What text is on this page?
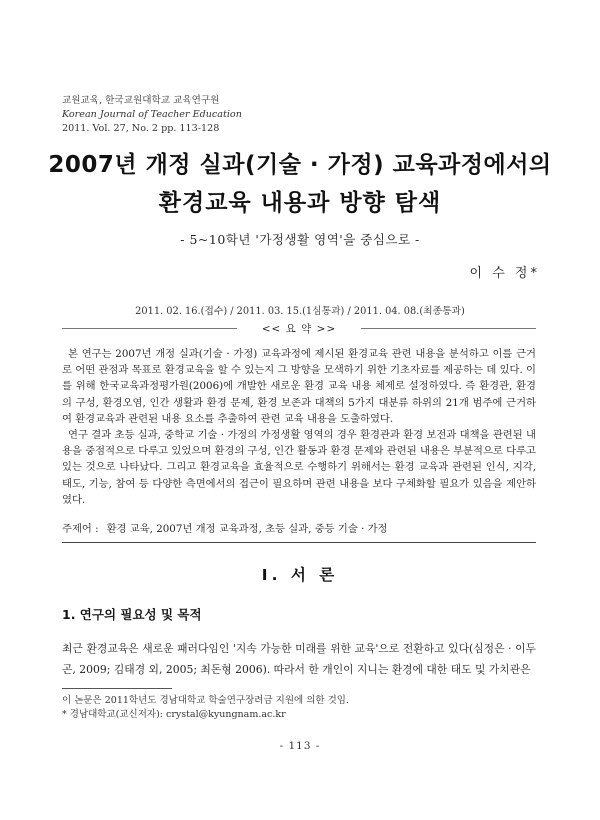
교원교육, 한국교원대학교 교육연구원
Korean Journal of Teacher Education
2011. Vol. 27, No. 2 pp. 113-128
2007년 개정 실과(기술 · 가정) 교육과정에서의
환경교육 내용과 방향 탐색
- 5~10학년 '가정생활 영역'을 중심으로 -
이 수 정*
2011. 02. 16.(접수) / 2011. 03. 15.(1심통과) / 2011. 04. 08.(최종통과)
<< 요 약 >>

본 연구는 2007년 개정 실과(기술 · 가정) 교육과정에 제시된 환경교육 관련 내용을 분석하고 이를 근거로 어떤 관점과 목표로 환경교육을 할 수 있는지 그 방향을 모색하기 위한 기초자료를 제공하는 데 있다. 이를 위해 한국교육과정평가원(2006)에 개발한 새로운 환경 교육 내용 체제로 설정하였다. 즉 환경관, 환경의 구성, 환경오염, 인간 생활과 환경 문제, 환경 보존과 대책의 5가지 대분류 하위의 21개 범주에 근거하여 환경교육과 관련된 내용 요소를 추출하여 관련 교육 내용을 도출하였다.

연구 결과 초등 실과, 중학교 기술 · 가정의 가정생활 영역의 경우 환경관과 환경 보전과 대책을 관련된 내용을 중점적으로 다루고 있었으며 환경의 구성, 인간 활동과 환경 문제와 관련된 내용은 부분적으로 다루고 있는 것으로 나타났다. 그리고 환경교육을 효율적으로 수행하기 위해서는 환경 교육과 관련된 인식, 지각, 태도, 기능, 참여 등 다양한 측면에서의 접근이 필요하며 관련 내용을 보다 구체화할 필요가 있음을 제안하였다.

주제어 : 환경 교육, 2007년 개정 교육과정, 초등 실과, 중등 기술 · 가정
Ⅰ. 서 론
1. 연구의 필요성 및 목적
최근 환경교육은 새로운 패러다임인 '지속 가능한 미래를 위한 교육'으로 전환하고 있다(심정은 · 이두곤, 2009; 김태경 외, 2005; 최돈형 2006). 따라서 한 개인이 지니는 환경에 대한 태도 및 가치관은
이 논문은 2011학년도 경남대학교 학술연구장려금 지원에 의한 것임.
* 경남대학교(교신저자): crystal@kyungnam.ac.kr
- 113 -
